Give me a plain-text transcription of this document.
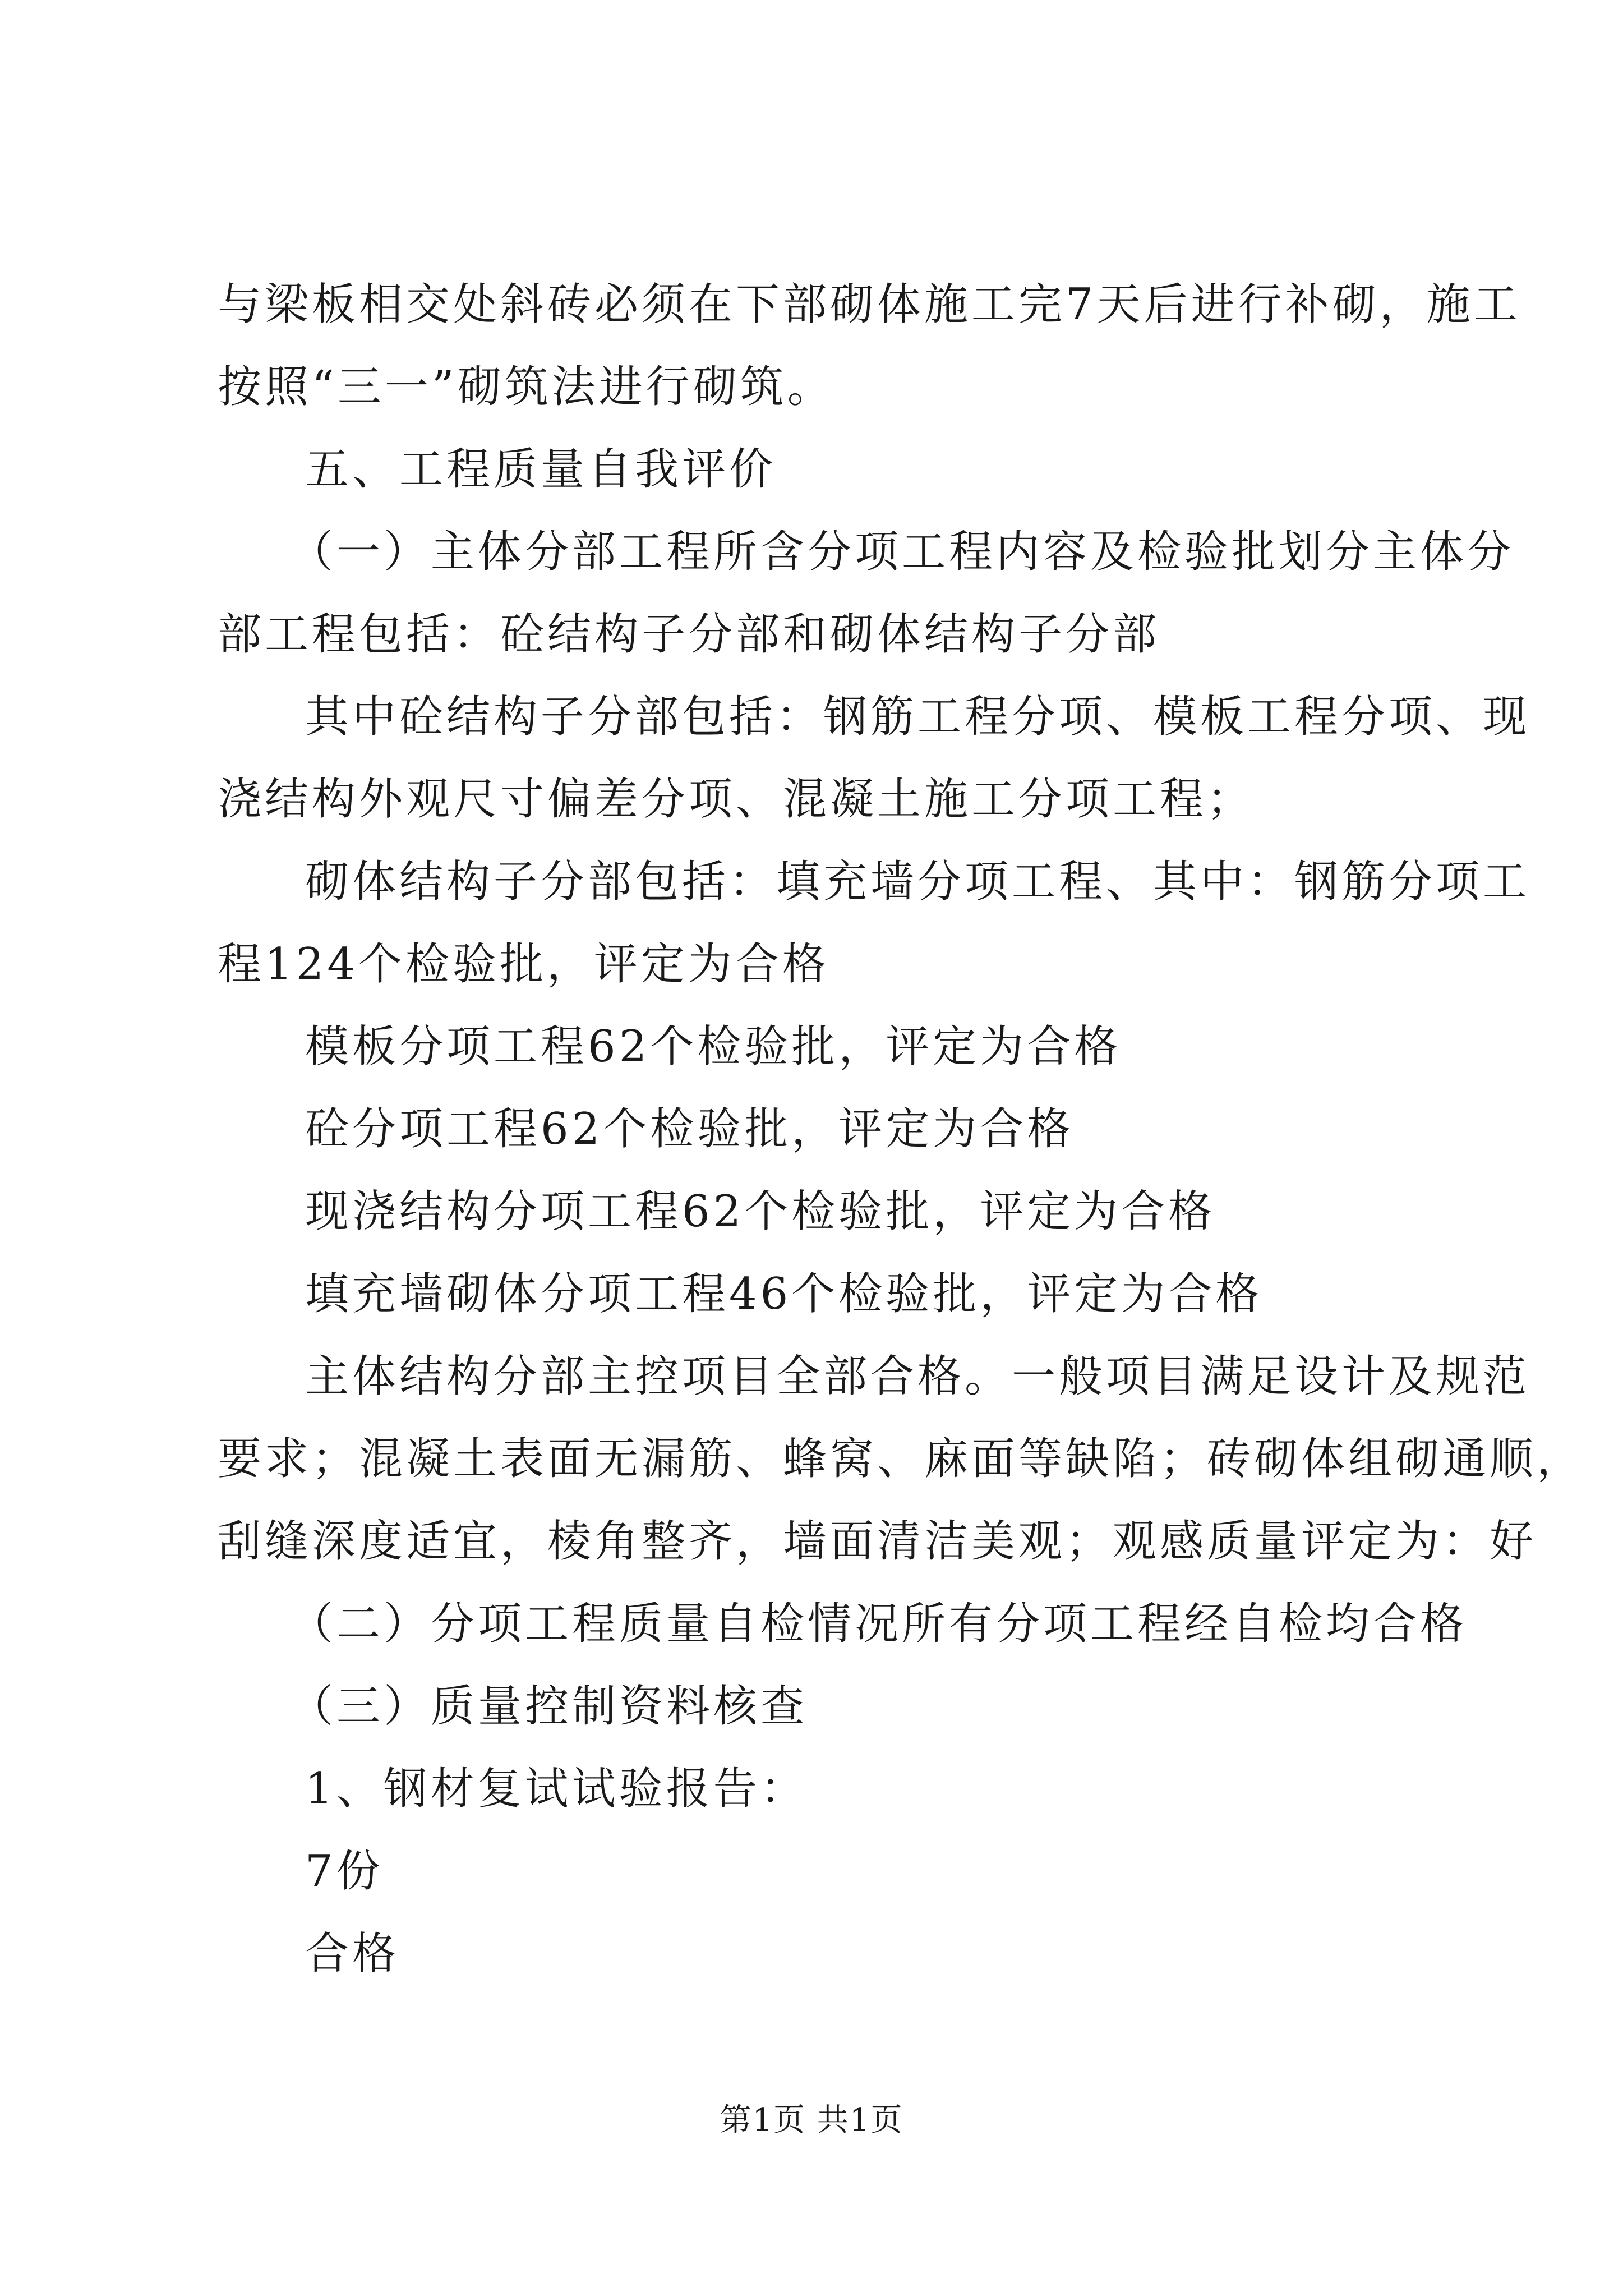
与梁板相交处斜砖必须在下部砌体施工完7天后进行补砌，施工
按照“三一”砌筑法进行砌筑。
五、工程质量自我评价
（一）主体分部工程所含分项工程内容及检验批划分主体分
部工程包括：砼结构子分部和砌体结构子分部
其中砼结构子分部包括：钢筋工程分项、模板工程分项、现
浇结构外观尺寸偏差分项、混凝土施工分项工程；
砌体结构子分部包括：填充墙分项工程、其中：钢筋分项工
程124个检验批，评定为合格
模板分项工程62个检验批，评定为合格
砼分项工程62个检验批，评定为合格
现浇结构分项工程62个检验批，评定为合格
填充墙砌体分项工程46个检验批，评定为合格
主体结构分部主控项目全部合格。一般项目满足设计及规范
要求；混凝土表面无漏筋、蜂窝、麻面等缺陷；砖砌体组砌通顺，
刮缝深度适宜，棱角整齐，墙面清洁美观；观感质量评定为：好
（二）分项工程质量自检情况所有分项工程经自检均合格
（三）质量控制资料核查
1、钢材复试试验报告：
7份
合格
第1页 共1页
